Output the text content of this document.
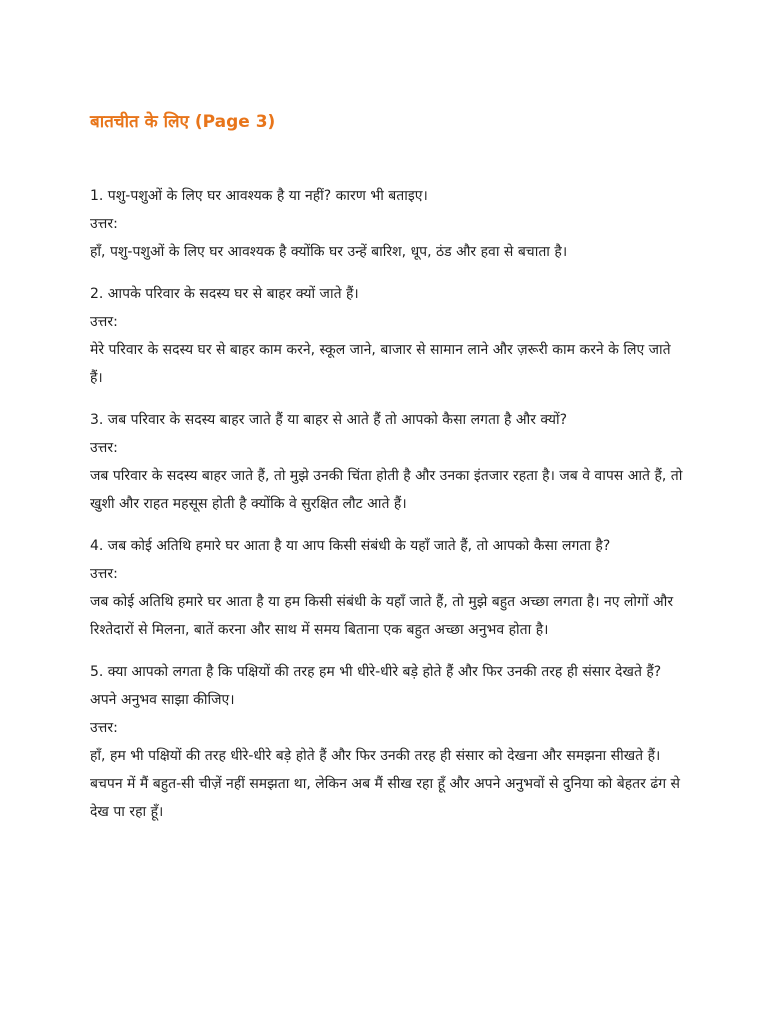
बातचीत के लिए (Page 3)

1. पशु-पशुओं के लिए घर आवश्यक है या नहीं? कारण भी बताइए।

उत्तर:

हाँ, पशु-पशुओं के लिए घर आवश्यक है क्योंकि घर उन्हें बारिश, धूप, ठंड और हवा से बचाता है।

2. आपके परिवार के सदस्य घर से बाहर क्यों जाते हैं।

उत्तर:

मेरे परिवार के सदस्य घर से बाहर काम करने, स्कूल जाने, बाजार से सामान लाने और ज़रूरी काम करने के लिए जाते हैं।

3. जब परिवार के सदस्य बाहर जाते हैं या बाहर से आते हैं तो आपको कैसा लगता है और क्यों?

उत्तर:

जब परिवार के सदस्य बाहर जाते हैं, तो मुझे उनकी चिंता होती है और उनका इंतजार रहता है। जब वे वापस आते हैं, तो खुशी और राहत महसूस होती है क्योंकि वे सुरक्षित लौट आते हैं।

4. जब कोई अतिथि हमारे घर आता है या आप किसी संबंधी के यहाँ जाते हैं, तो आपको कैसा लगता है?

उत्तर:

जब कोई अतिथि हमारे घर आता है या हम किसी संबंधी के यहाँ जाते हैं, तो मुझे बहुत अच्छा लगता है। नए लोगों और रिश्तेदारों से मिलना, बातें करना और साथ में समय बिताना एक बहुत अच्छा अनुभव होता है।

5. क्या आपको लगता है कि पक्षियों की तरह हम भी धीरे-धीरे बड़े होते हैं और फिर उनकी तरह ही संसार देखते हैं? अपने अनुभव साझा कीजिए।

उत्तर:

हाँ, हम भी पक्षियों की तरह धीरे-धीरे बड़े होते हैं और फिर उनकी तरह ही संसार को देखना और समझना सीखते हैं। बचपन में मैं बहुत-सी चीज़ें नहीं समझता था, लेकिन अब मैं सीख रहा हूँ और अपने अनुभवों से दुनिया को बेहतर ढंग से देख पा रहा हूँ।
